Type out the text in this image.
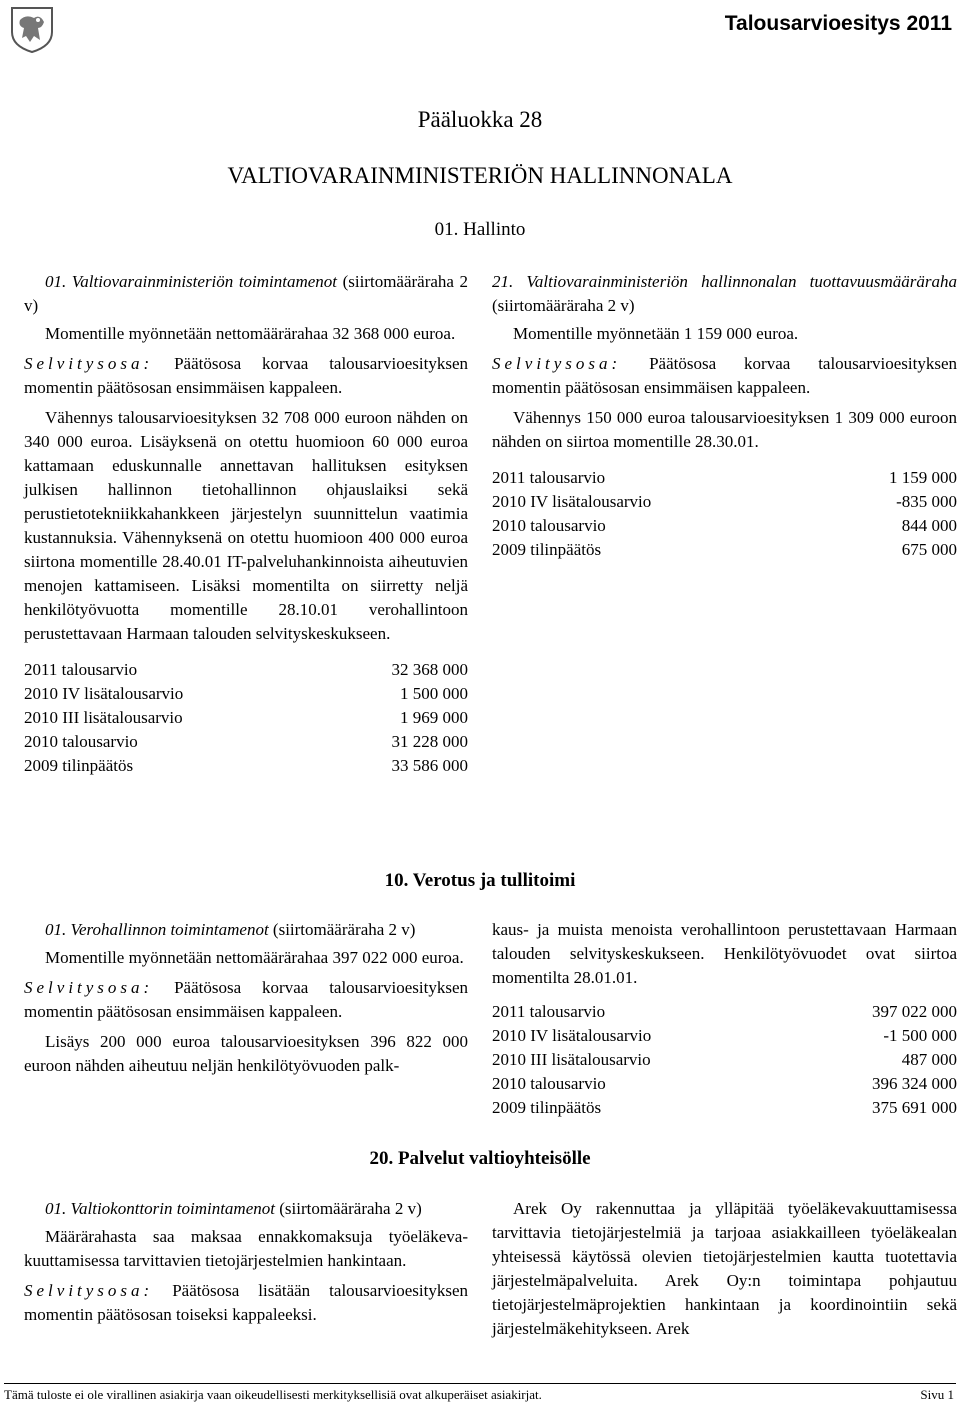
Talousarvioesitys 2011
Pääluokka 28
VALTIOVARAINMINISTERIÖN HALLINNONALA
01. Hallinto

01. Valtiovarainministeriön toimintamenot (siirtomääräraha 2 v)

Momentille myönnetään nettomäärärahaa 32 368 000 euroa.

Selvitysosa: Päätösosa korvaa talousarvioesityksen momentin päätösosan ensimmäisen kappaleen.

Vähennys talousarvioesityksen 32 708 000 euroon nähden on 340 000 euroa. Lisäyksenä on otettu huomioon 60 000 euroa kattamaan eduskunnalle annettavan hallituksen esityksen julkisen hallinnon tietohallinnon ohjauslaiksi sekä perustietotekniikkahankkeen järjestelyn suunnittelun vaatimia kustannuksia. Vähennyksenä on otettu huomioon 400 000 euroa siirtona momentille 28.40.01 IT-palveluhankinnoista aiheutuvien menojen kattamiseen. Lisäksi momentilta on siirretty neljä henkilötyövuotta momentille 28.10.01 verohallintoon perustettavaan Harmaan talouden selvityskeskukseen.

2011 talousarvio	32 368 000
2010 IV lisätalousarvio	1 500 000
2010 III lisätalousarvio	1 969 000
2010 talousarvio	31 228 000
2009 tilinpäätös	33 586 000

21. Valtiovarainministeriön hallinnonalan tuottavuusmääräraha (siirtomääräraha 2 v)

Momentille myönnetään 1 159 000 euroa.

Selvitysosa: Päätösosa korvaa talousarvioesityksen momentin päätösosan ensimmäisen kappaleen.

Vähennys 150 000 euroa talousarvioesityksen 1 309 000 euroon nähden on siirtoa momentille 28.30.01.

2011 talousarvio	1 159 000
2010 IV lisätalousarvio	-835 000
2010 talousarvio	844 000
2009 tilinpäätös	675 000
10. Verotus ja tullitoimi

01. Verohallinnon toimintamenot (siirtomääräraha 2 v)

Momentille myönnetään nettomäärärahaa 397 022 000 euroa.

Selvitysosa: Päätösosa korvaa talousarvioesityksen momentin päätösosan ensimmäisen kappaleen.

Lisäys 200 000 euroa talousarvioesityksen 396 822 000 euroon nähden aiheutuu neljän henkilötyövuoden palk-

kaus- ja muista menoista verohallintoon perustettavaan Harmaan talouden selvityskeskukseen. Henkilötyövuodet ovat siirtoa momentilta 28.01.01.

2011 talousarvio	397 022 000
2010 IV lisätalousarvio	-1 500 000
2010 III lisätalousarvio	487 000
2010 talousarvio	396 324 000
2009 tilinpäätös	375 691 000
20. Palvelut valtioyhteisölle

01. Valtiokonttorin toimintamenot (siirtomääräraha 2 v)

Määrärahasta saa maksaa ennakkomaksuja työeläkevakuuttamisessa tarvittavien tietojärjestelmien hankintaan.

Selvitysosa: Päätösosa lisätään talousarvioesityksen momentin päätösosan toiseksi kappaleeksi.

Arek Oy rakennuttaa ja ylläpitää työeläkevakuuttamisessa tarvittavia tietojärjestelmiä ja tarjoaa asiakkailleen työeläkealan yhteisessä käytössä olevien tietojärjestelmien kautta tuotettavia järjestelmäpalveluita. Arek Oy:n toimintapa pohjautuu tietojärjestelmäprojektien hankintaan ja koordinointiin sekä järjestelmäkehitykseen. Arek

Tämä tuloste ei ole virallinen asiakirja vaan oikeudellisesti merkityksellisiä ovat alkuperäiset asiakirjat.	Sivu 1
